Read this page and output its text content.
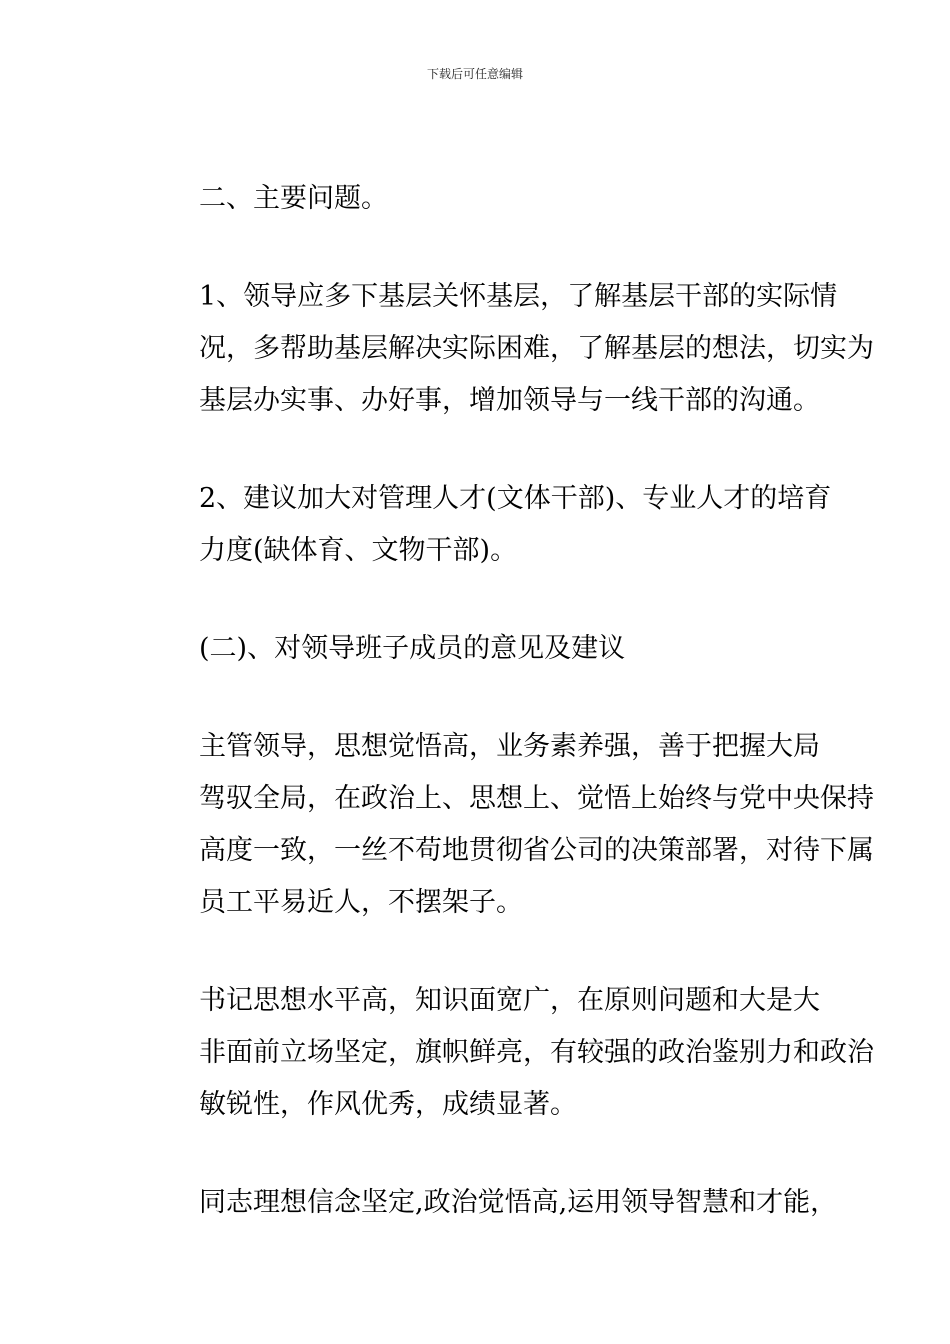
下载后可任意编辑

二、主要问题。

1、领导应多下基层关怀基层，了解基层干部的实际情
况，多帮助基层解决实际困难，了解基层的想法，切实为
基层办实事、办好事，增加领导与一线干部的沟通。

2、建议加大对管理人才(文体干部)、专业人才的培育
力度(缺体育、文物干部)。

(二)、对领导班子成员的意见及建议

主管领导，思想觉悟高，业务素养强，善于把握大局
驾驭全局，在政治上、思想上、觉悟上始终与党中央保持
高度一致，一丝不苟地贯彻省公司的决策部署，对待下属
员工平易近人，不摆架子。

书记思想水平高，知识面宽广，在原则问题和大是大
非面前立场坚定，旗帜鲜亮，有较强的政治鉴别力和政治
敏锐性，作风优秀，成绩显著。

同志理想信念坚定,政治觉悟高,运用领导智慧和才能，
